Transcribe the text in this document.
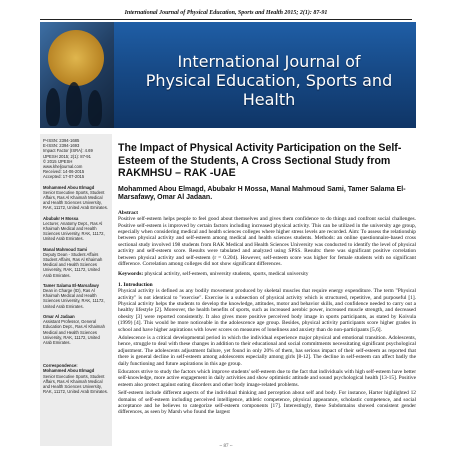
International Journal of Physical Education, Sports and Health 2015; 2(1): 87-91
International Journal of
Physical Education, Sports and Health
P-ISSN: 2394-1685
E-ISSN: 2394-1693
Impact Factor (ISRA): 4.69
IJPESH 2015; 2(1): 87-91
© 2015 IJPESH
www.kheljournal.com
Received: 14-06-2015
Accepted: 17-07-2015
Mohammed Abou Elmagd
Senior Executive Sports, Student Affairs, Ras Al Khaimah Medical and Health Sciences University, RAK, 11172, United Arab Emirates.
Abubakr H Mossa
Lecturer, Anatomy Dept., Ras Al Khaimah Medical and Health Sciences University, RAK, 11172, United Arab Emirates.
Manal Mahmoud Sami
Deputy Dean - Student Affairs Student Affairs, Ras Al Khaimah Medical and Health Sciences University, RAK, 11172, United Arab Emirates.
Tamer Salama El-Marsafawy
Dean in Charge (ID), Ras Al Khaimah Medical and Health Sciences University, RAK, 11172, United Arab Emirates.
Omar Al Jadaan
Assistant Professor, General Education Dept., Ras Al Khaimah Medical and Health Sciences University, RAK, 11172, United Arab Emirates.
Correspondence:
Mohammed Abou Elmagd
Senior Executive Sports, Student Affairs, Ras Al Khaimah Medical and Health Sciences University, RAK, 11172, United Arab Emirates.
The Impact of Physical Activity Participation on the Self-Esteem of the Students, A Cross Sectional Study from RAKMHSU – RAK -UAE
Mohammed Abou Elmagd, Abubakr H Mossa, Manal Mahmoud Sami, Tamer Salama El-Marsafawy, Omar Al Jadaan.
Abstract
Positive self-esteem helps people to feel good about themselves and gives them confidence to do things and confront social challenges. Positive self-esteem is improved by certain factors including increased physical activity. This can be utilized in the university age group, especially when considering medical and health sciences colleges where higher stress levels are recorded. Aim: To assess the relationship between physical activity and self-esteem among medical and health sciences students. Methods: an online questionnaire-based cross sectional study involved 198 students from RAK Medical and Health Sciences University was conducted to identify the level of physical activity and self-esteem score. Results were tabulated and analyzed using SPSS. Results: there was significant positive correlation between physical activity and self-esteem (r = 0.204). However, self-esteem score was higher for female students with no significant difference. Correlation among colleges did not show significant differences.
Keywords: physical activity, self-esteem, university students, sports, medical university
1. Introduction
Physical activity is defined as any bodily movement produced by skeletal muscles that require energy expenditure. The term "Physical activity" is not identical to "exercise". Exercise is a subsection of physical activity which is structured, repetitive, and purposeful [1]. Physical activity helps the students to develop the knowledge, attitudes, motor and behavior skills, and confidence needed to carry out a healthy lifestyle [2]. Moreover, the health benefits of sports, such as increased aerobic power, increased muscle strength, and decreased obesity [3] were reported consistently. It also gives more positive perceived body image in sports participants, as stated by Koivula (1999) [4]. This would be more noticeable in the adolescence age group. Besides, physical activity participants score higher grades in school and have higher aspirations with lower scores on measures of loneliness and anxiety than do non-participants [5,6].
Adolescence is a critical developmental period in which the individual experience major physical and emotional transition. Adolescents, hence, struggle to deal with these changes in addition to their educational and social commitments necessitating significant psychological adjustment. The adolescents adjustment failure, yet found in only 20% of them, has serious impact of their self-esteem as reported that there is general decline in self-esteem among adolescents especially among girls [8-12]. The decline in self-esteem can affect badly the daily functioning and future aspirations in this age group.
Educators strive to study the factors which improve students' self-esteem due to the fact that individuals with high self-esteem have better self-knowledge, more active engagement in daily activities and show optimistic attitude and sound psychological health [13-15]. Positive esteem also protect against eating disorders and other body image-related problems.
Self-esteem include different aspects of the individual thinking and perception about self and body. For instance, Harter highlighted 12 domains of self-esteem including perceived intelligence, athletic competence, physical appearance, scholastic competence, and social acceptance and he believes to categorize self-esteem components [17]. Interestingly, these Subdomains showed consistent gender differences, as seen by Marsh who found the largest
~ 87 ~
